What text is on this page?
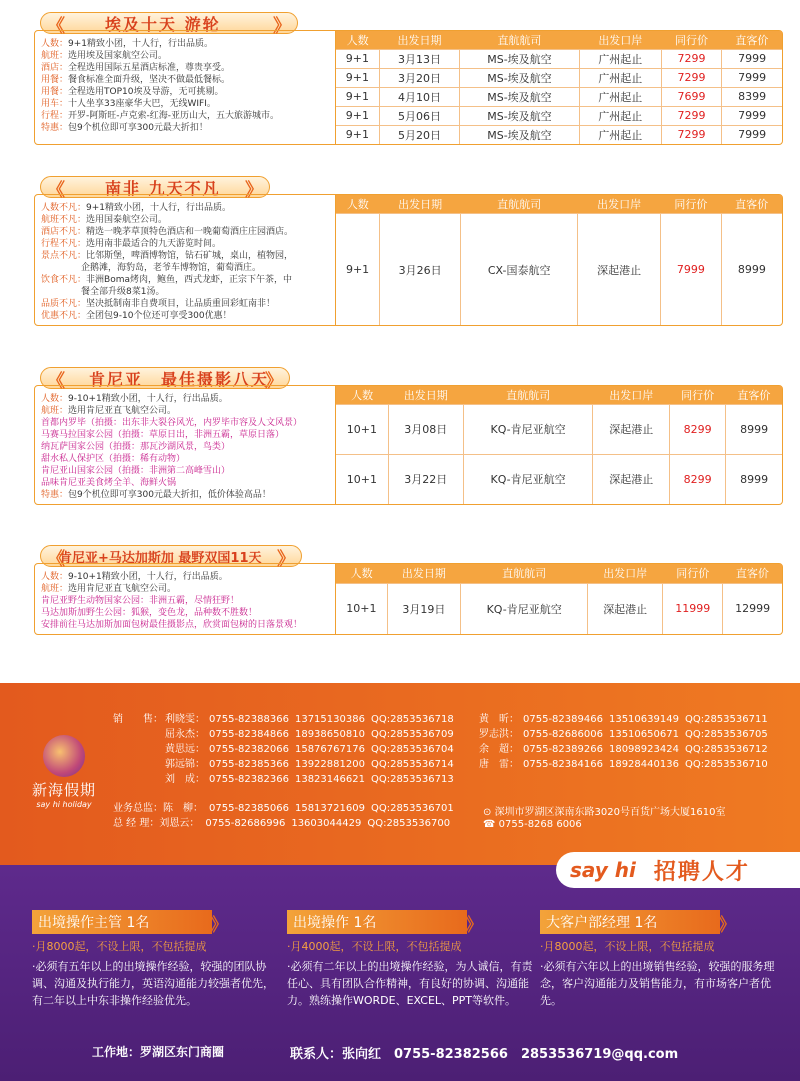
《	埃及十天 游轮	》
人数：9+1精致小团，十人行，行出品质。
航班：选用埃及国家航空公司。
酒店：全程选用国际五星酒店标准，尊贵享受。
用餐：餐食标准全面升级，坚决不做最低餐标。
用餐：全程选用TOP10埃及导游，无可挑剔。
用车：十人坐享33座豪华大巴，无线WIFI。
行程：开罗-阿斯旺-卢克索-红海-亚历山大，五大旅游城市。
特惠：包9个机位即可享300元最大折扣！
人数	出发日期	直航航司	出发口岸	同行价	直客价
9+1	3月13日	MS-埃及航空	广州起止	7299	7999
9+1	3月20日	MS-埃及航空	广州起止	7299	7999
9+1	4月10日	MS-埃及航空	广州起止	7699	8399
9+1	5月06日	MS-埃及航空	广州起止	7299	7999
9+1	5月20日	MS-埃及航空	广州起止	7299	7999
《	南非 九天不凡 》
人数不凡：9+1精致小团，十人行，行出品质。
航班不凡：选用国泰航空公司。
酒店不凡：精选一晚茅草顶特色酒店和一晚葡萄酒庄庄园酒店。
行程不凡：选用南非最适合的九天游览时间。
景点不凡：比邻斯堡，啤酒博物馆，钻石矿城，桌山，植物园，
企鹅滩，海豹岛，老爷车博物馆，葡萄酒庄。
饮食不凡：非洲Boma烤肉，鲍鱼，西式龙虾，正宗下午茶，中
餐全部升级8菜1汤。
品质不凡：坚决抵制南非自费项目，让品质重回彩虹南非！
优惠不凡：全团包9-10个位还可享受300优惠！
人数	出发日期	直航航司	出发口岸	同行价	直客价
9+1	3月26日	CX-国泰航空	深起港止	7999	8999
《	肯尼亚　最佳摄影八天
》
人数：9-10+1精致小团，十人行，行出品质。
航班：选用肯尼亚直飞航空公司。
首都内罗毕（拍摄：出东非大裂谷风光，内罗毕市容及人文风景）
马赛马拉国家公园（拍摄：草原日出，非洲五霸，草原日落）
纳瓦萨国家公园（拍摄：那瓦沙湖风景，鸟类）
甜水私人保护区（拍摄：稀有动物）
肯尼亚山国家公园（拍摄：非洲第二高峰雪山）
品味肯尼亚美食烤全羊、海鲜火锅
特惠：包9个机位即可享300元最大折扣，低价体验高品！
人数	出发日期	直航航司	出发口岸	同行价	直客价
10+1	3月08日	KQ-肯尼亚航空	深起港止	8299	8999
10+1	3月22日	KQ-肯尼亚航空	深起港止	8299	8999
《
肯尼亚+马达加斯加 最野双国11天 》
人数：9-10+1精致小团，十人行，行出品质。
航班：选用肯尼亚直飞航空公司。
肯尼亚野生动物国家公园：非洲五霸，尽情狂野！
马达加斯加野生公园：狐猴，变色龙，品种数不胜数！
安排前往马达加斯加面包树最佳摄影点，欣赏面包树的日落景观！
人数	出发日期	直航航司	出发口岸	同行价	直客价
10+1	3月19日	KQ-肯尼亚航空	深起港止	11999	12999
新海假期
say hi holiday
销　　售： 利晓雯： 0755-82388366 13715130386 QQ:2853536718
屈永杰： 0755-82384866 18938650810 QQ:2853536709
黄思远： 0755-82382066 15876767176 QQ:2853536704
郭远锦： 0755-82385366 13922881200 QQ:2853536714
刘　成： 0755-82382366 13823146621 QQ:2853536713
黄　昕： 0755-82389466 13510639149 QQ:2853536711
罗志洪： 0755-82686006 13510650671 QQ:2853536705
余　超： 0755-82389266 18098923424 QQ:2853536712
唐　雷： 0755-82384166 18928440136 QQ:2853536710
业务总监：陈　柳： 0755-82385066 15813721609 QQ:2853536701
总 经 理：刘恩云： 0755-82686996 13603044429 QQ:2853536700
⊙ 深圳市罗湖区深南东路3020号百货广场大厦1610室
☎ 0755-8268 6006
say hi 招聘人才
出境操作主管 1名	》
·月8000起，不设上限，不包括提成
·必须有五年以上的出境操作经验，较强的团队协调、沟通及执行能力，英语沟通能力较强者优先，有二年以上中东非操作经验优先。
出境操作 1名	》
·月4000起，不设上限，不包括提成
·必须有二年以上的出境操作经验，为人诚信，有责任心、具有团队合作精神，有良好的协调、沟通能力。熟练操作WORDE、EXCEL、PPT等软件。
大客户部经理 1名	》
·月8000起，不设上限，不包括提成
·必须有六年以上的出境销售经验，较强的服务理念，客户沟通能力及销售能力，有市场客户者优先。
工作地：罗湖区东门商圈	联系人：张向红　0755-82382566　2853536719@qq.com
